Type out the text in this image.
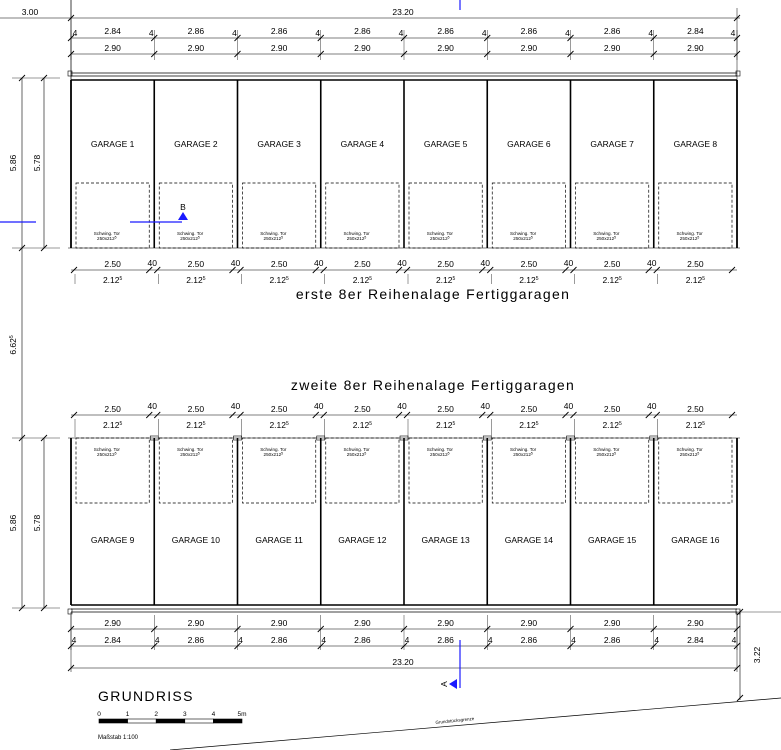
GARAGE 1
GARAGE 9
Schwing. Tor
$250x212^5$
Schwing. Tor
$250x212^5$
GARAGE 2
GARAGE 10
Schwing. Tor
$250x212^5$
Schwing. Tor
$250x212^5$
GARAGE 3
GARAGE 11
Schwing. Tor
$250x212^5$
Schwing. Tor
$250x212^5$
GARAGE 4
GARAGE 12
Schwing. Tor
$250x212^5$
Schwing. Tor
$250x212^5$
GARAGE 5
GARAGE 13
Schwing. Tor
$250x212^5$
Schwing. Tor
$250x212^5$
GARAGE 6
GARAGE 14
Schwing. Tor
$250x212^5$
Schwing. Tor
$250x212^5$
GARAGE 7
GARAGE 15
Schwing. Tor
$250x212^5$
Schwing. Tor
$250x212^5$
GARAGE 8
GARAGE 16
Schwing. Tor
$250x212^5$
Schwing. Tor
$250x212^5$
2.84
2.90
2.86
2.90
4	2.86
2.90
4	2.86
2.90
4	2.86
2.90
4	2.86
2.90
4	2.86
2.90
4	2.84
2.90
4
4	4
2.50
2.12$^5$
40	2.50
2.12$^5$
40	2.50
2.12$^5$
40	2.50
2.12$^5$
40	2.50
2.12$^5$
40	2.50
2.12$^5$
40	2.50
2.12$^5$
40	2.50
2.12$^5$
2.50
2.12$^5$
40	2.50
2.12$^5$
40	2.50
2.12$^5$
40	2.50
2.12$^5$
40	2.50
2.12$^5$
40	2.50
2.12$^5$
40	2.50
2.12$^5$
40	2.50
2.12$^5$
2.90
2.84
2.90
2.86
4
2.90
2.86
4
2.90
2.86
4
2.90
2.86
4
2.90
2.86
4
2.90
2.86
4
2.90
2.84
4
4	4
5.86 5.78
5.86 5.78
6.62$^5$
A
B
0	1	2	3	4	5m
GRUNDRISS
erste 8er Reihenalage Fertiggaragen
zweite 8er Reihenalage Fertiggaragen
Maßstab 1:100
23.20
23.20
3.00
3.22
Grundstücksgrenze
